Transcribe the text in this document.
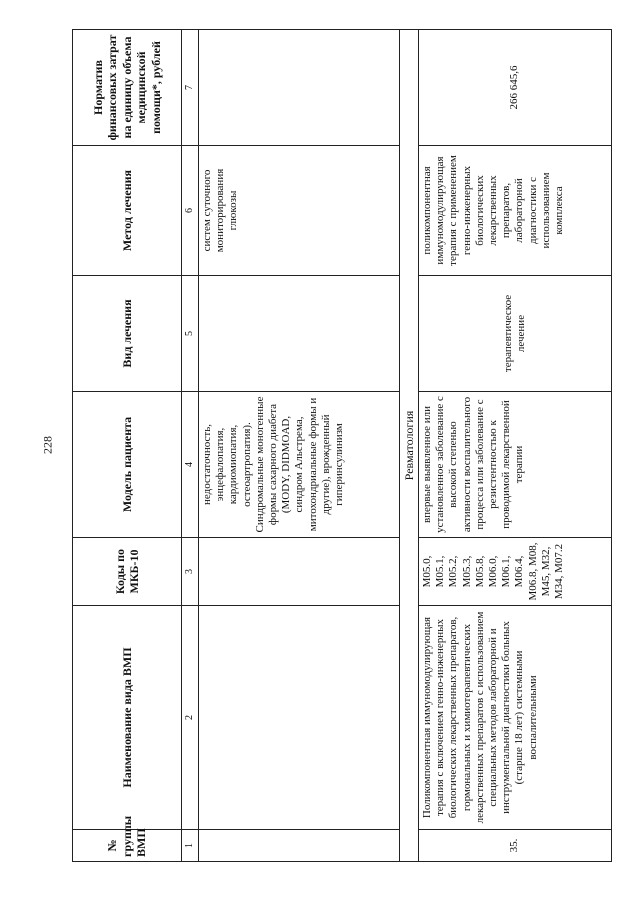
228
№ группы ВМП	Наименование вида ВМП	Коды по МКБ-10	Модель пациента	Вид лечения	Метод лечения	Норматив финансовых затрат на единицу объема медицинской помощи*, рублей
1	2	3	4	5	6	7
			недостаточность, энцефалопатия, кардиомиопатия, остеоартропатия). Синдромальные моногенные формы сахарного диабета (MODY, DIDMOAD, синдром Альстрема, митохондриальные формы и другие), врожденный гиперинсулинизм		систем суточного мониторирования глюкозы	
Ревматология						
35.	Поликомпонентная иммуномодулирующая терапия с включением генно-инженерных биологических лекарственных препаратов, гормональных и химиотерапевтических лекарственных препаратов с использованием специальных методов лабораторной и инструментальной диагностики больных (старше 18 лет) системными воспалительными	M05.0, M05.1, M05.2, M05.3, M05.8, M06.0, M06.1, M06.4, M06.8, M08, M45, M32, M34, M07.2	впервые выявленное или установленное заболевание с высокой степенью активности воспалительного процесса или заболевание с резистентностью к проводимой лекарственной терапии	терапевтическое лечение	поликомпонентная иммуномодулирующая терапия с применением генно-инженерных биологических лекарственных препаратов, лабораторной диагностики с использованием комплекса	266 645,6
